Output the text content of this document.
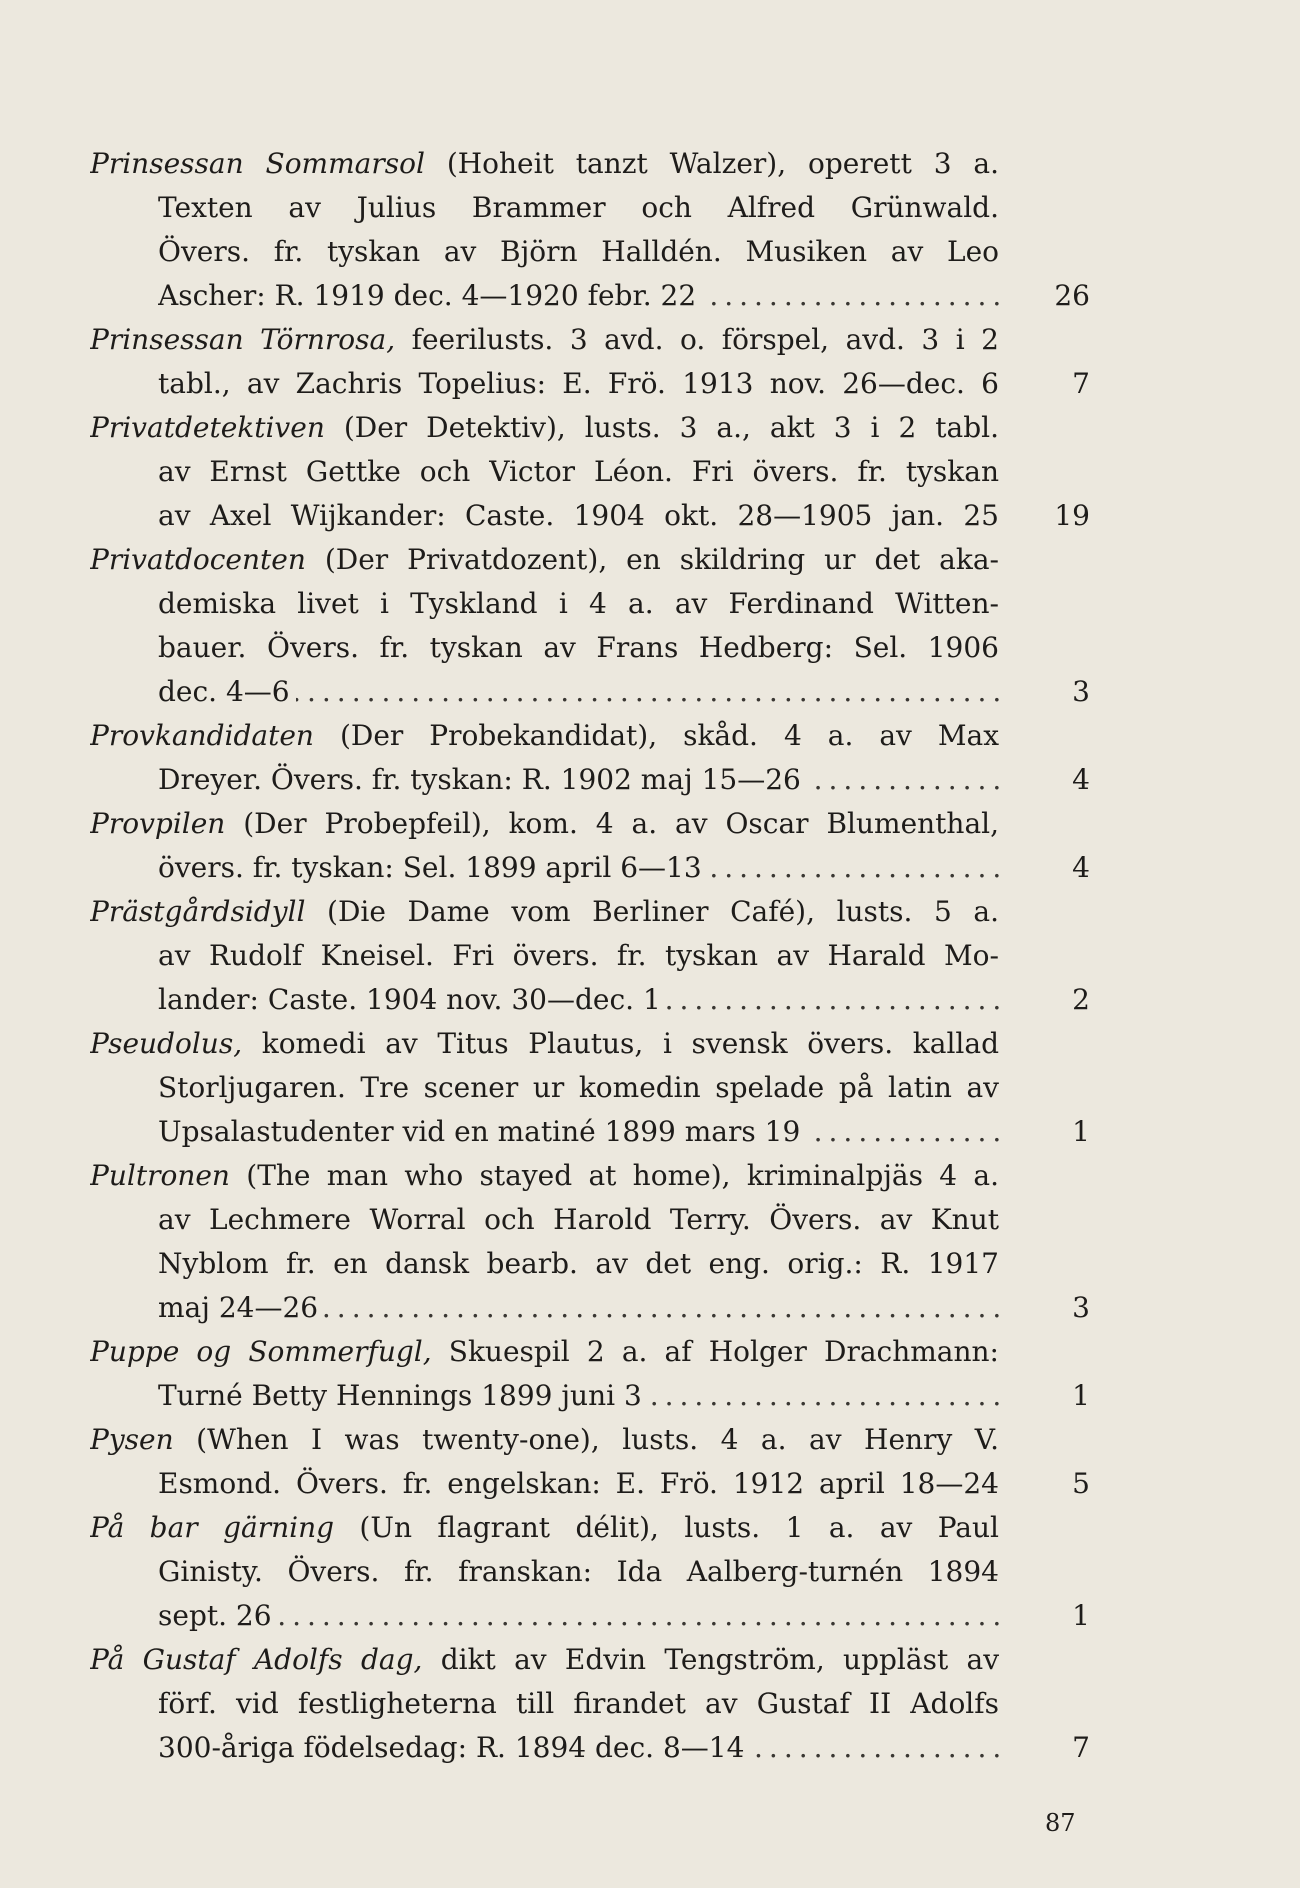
Prinsessan Sommarsol (Hoheit tanzt Walzer), operett 3 a.
Texten av Julius Brammer och Alfred Grünwald.
Övers. fr. tyskan av Björn Halldén. Musiken av Leo
.....
Ascher: R. 1919 dec. 4—1920 febr. 22	26
Prinsessan Törnrosa, feerilusts. 3 avd. o. förspel, avd. 3 i 2
tabl., av Zachris Topelius: E. Frö. 1913 nov. 26—dec. 6	7
Privatdetektiven (Der Detektiv), lusts. 3 a., akt 3 i 2 tabl.
av Ernst Gettke och Victor Léon. Fri övers. fr. tyskan
av Axel Wijkander: Caste. 1904 okt. 28—1905 jan. 25	19
Privatdocenten (Der Privatdozent), en skildring ur det aka-
demiska livet i Tyskland i 4 a. av Ferdinand Witten-
bauer. Övers. fr. tyskan av Frans Hedberg: Sel. 1906
.....
dec. 4—6	3
Provkandidaten (Der Probekandidat), skåd. 4 a. av Max
.....
Dreyer. Övers. fr. tyskan: R. 1902 maj 15—26	4
Provpilen (Der Probepfeil), kom. 4 a. av Oscar Blumenthal,
.....
övers. fr. tyskan: Sel. 1899 april 6—13	4
Prästgårdsidyll (Die Dame vom Berliner Café), lusts. 5 a.
av Rudolf Kneisel. Fri övers. fr. tyskan av Harald Mo-
.....
lander: Caste. 1904 nov. 30—dec. 1	2
Pseudolus, komedi av Titus Plautus, i svensk övers. kallad
Storljugaren. Tre scener ur komedin spelade på latin av
.....
Upsalastudenter vid en matiné 1899 mars 19	1
Pultronen (The man who stayed at home), kriminalpjäs 4 a.
av Lechmere Worral och Harold Terry. Övers. av Knut
Nyblom fr. en dansk bearb. av det eng. orig.: R. 1917
.....
maj 24—26	3
Puppe og Sommerfugl, Skuespil 2 a. af Holger Drachmann:
.....
Turné Betty Hennings 1899 juni 3	1
Pysen (When I was twenty-one), lusts. 4 a. av Henry V.
Esmond. Övers. fr. engelskan: E. Frö. 1912 april 18—24	5
På bar gärning (Un flagrant délit), lusts. 1 a. av Paul
Ginisty. Övers. fr. franskan: Ida Aalberg-turnén 1894
.....
sept. 26	1
På Gustaf Adolfs dag, dikt av Edvin Tengström, uppläst av
förf. vid festligheterna till firandet av Gustaf II Adolfs
.....
300-åriga födelsedag: R. 1894 dec. 8—14	7
87
